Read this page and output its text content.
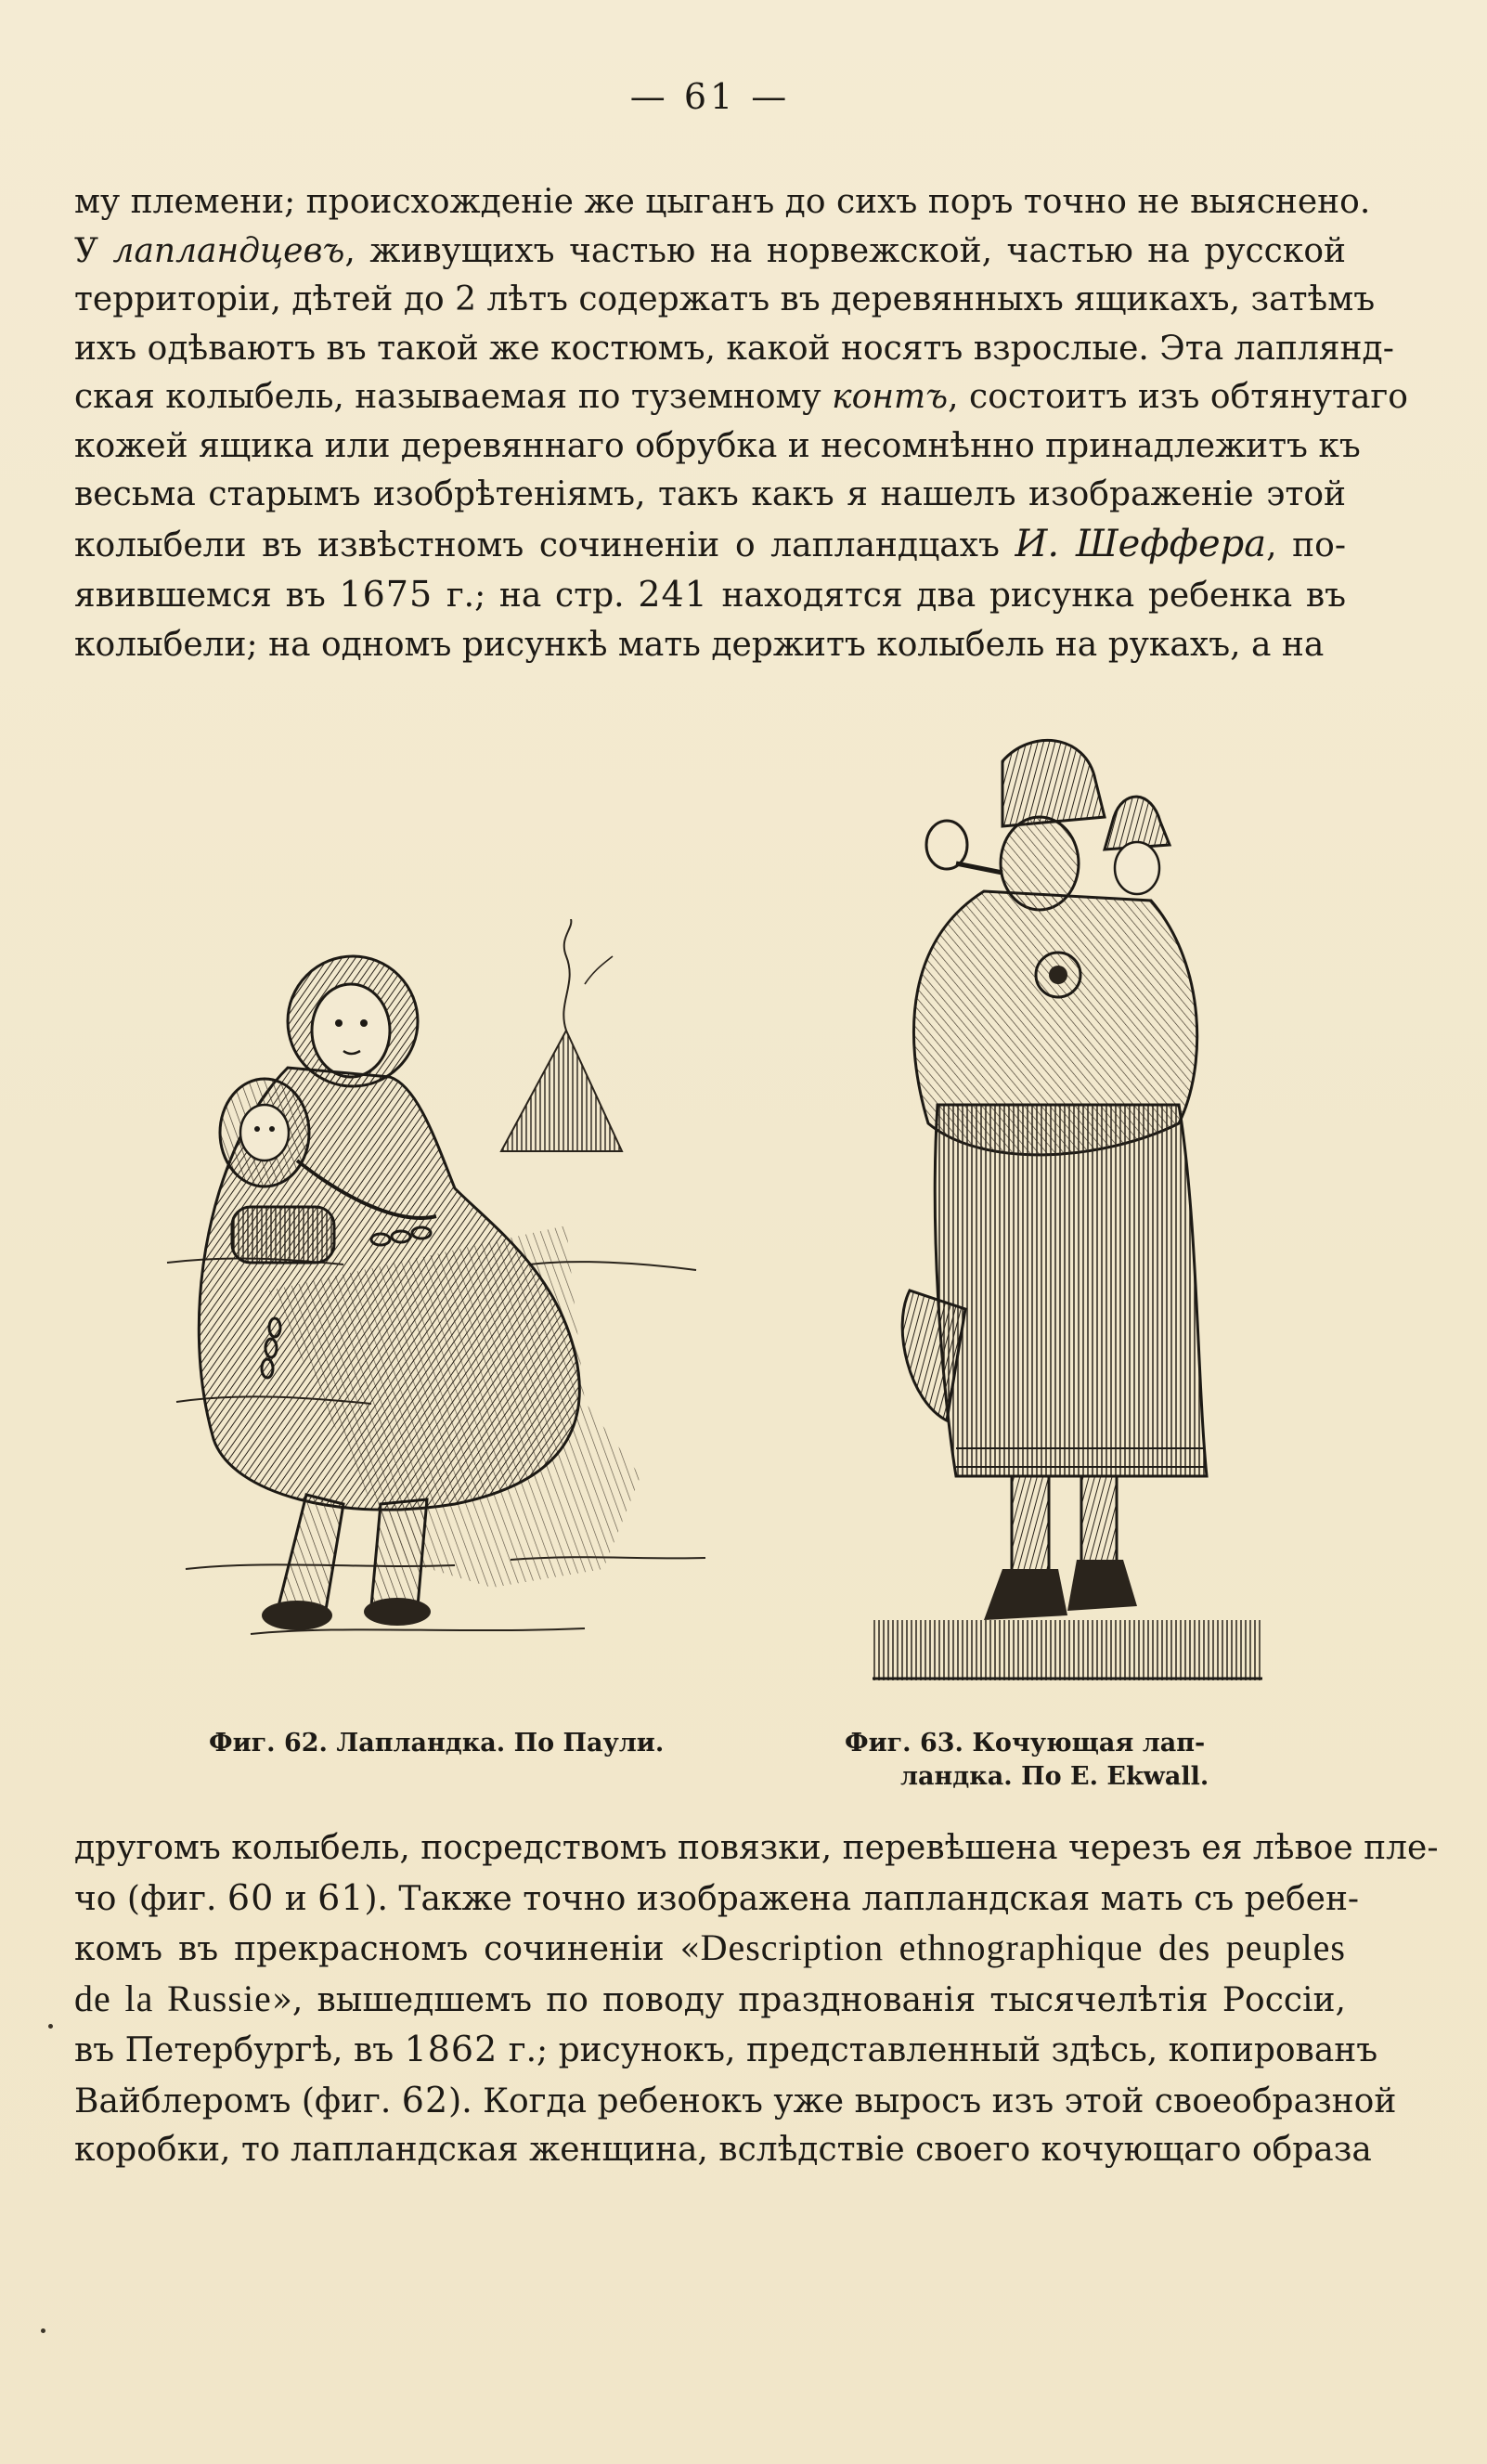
— 61 —
му племени; происхожденіе же цыганъ до сихъ поръ точно не выяснено.
У лапландцевъ, живущихъ частью на норвежской, частью на русской
территоріи, дѣтей до 2 лѣтъ содержатъ въ деревянныхъ ящикахъ, затѣмъ
ихъ одѣваютъ въ такой же костюмъ, какой носятъ взрослые. Эта лаплянд-
ская колыбель, называемая по туземному контъ, состоитъ изъ обтянутаго
кожей ящика или деревяннаго обрубка и несомнѣнно принадлежитъ къ
весьма старымъ изобрѣтеніямъ, такъ какъ я нашелъ изображеніе этой
колыбели въ извѣстномъ сочиненіи о лапландцахъ И. Шеффера, по-
явившемся въ 1675 г.; на стр. 241 находятся два рисунка ребенка въ
колыбели; на одномъ рисункѣ мать держитъ колыбель на рукахъ, а на
Фиг. 62. Лапландка. По Паули.	Фиг. 63. Кочующая лап-
ландка. По E. Ekwall.
другомъ колыбель, посредствомъ повязки, перевѣшена черезъ ея лѣвое пле-
чо (фиг. 60 и 61). Также точно изображена лапландская мать съ ребен-
комъ въ прекрасномъ сочиненіи «Description ethnographique des peuples
de la Russie», вышедшемъ по поводу празднованія тысячелѣтія Россіи,
въ Петербургѣ, въ 1862 г.; рисунокъ, представленный здѣсь, копированъ
Вайблеромъ (фиг. 62). Когда ребенокъ уже выросъ изъ этой своеобразной
коробки, то лапландская женщина, вслѣдствіе своего кочующаго образа
